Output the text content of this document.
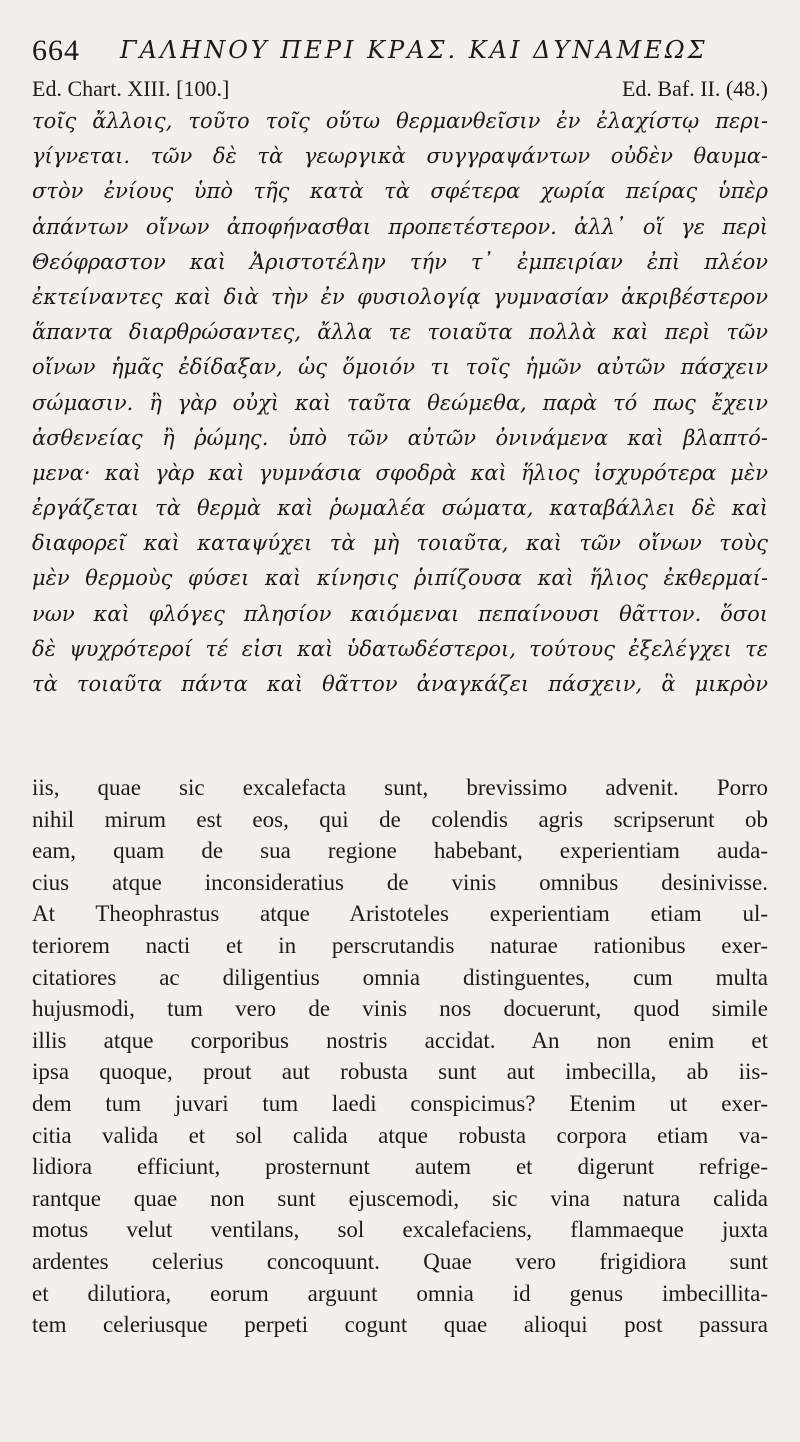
664 ΓΑΛΗΝΟΥ ΠΕΡΙ ΚΡΑΣ. ΚΑΙ ΔΥΝΑΜΕΩΣ
Ed. Chart. XIII. [100.]	Ed. Baf. II. (48.)
τοῖς ἄλλοις, τοῦτο τοῖς οὕτω θερμανθεῖσιν ἐν ἐλαχίστῳ περι-
γίγνεται. τῶν δὲ τὰ γεωργικὰ συγγραψάντων οὐδὲν θαυμα-
στὸν ἐνίους ὑπὸ τῆς κατὰ τὰ σφέτερα χωρία πείρας ὑπὲρ
ἁπάντων οἴνων ἀποφήνασθαι προπετέστερον. ἀλλ᾽ οἵ γε περὶ
Θεόφραστον καὶ Ἀριστοτέλην τήν τ᾽ ἐμπειρίαν ἐπὶ πλέον
ἐκτείναντες καὶ διὰ τὴν ἐν φυσιολογίᾳ γυμνασίαν ἀκριβέστερον
ἅπαντα διαρθρώσαντες, ἄλλα τε τοιαῦτα πολλὰ καὶ περὶ τῶν
οἴνων ἡμᾶς ἐδίδαξαν, ὡς ὅμοιόν τι τοῖς ἡμῶν αὐτῶν πάσχειν
σώμασιν. ἢ γὰρ οὐχὶ καὶ ταῦτα θεώμεθα, παρὰ τό πως ἔχειν
ἀσθενείας ἢ ῥώμης. ὑπὸ τῶν αὐτῶν ὀνινάμενα καὶ βλαπτό-
μενα· καὶ γὰρ καὶ γυμνάσια σφοδρὰ καὶ ἥλιος ἰσχυρότερα μὲν
ἐργάζεται τὰ θερμὰ καὶ ῥωμαλέα σώματα, καταβάλλει δὲ καὶ
διαφορεῖ καὶ καταψύχει τὰ μὴ τοιαῦτα, καὶ τῶν οἴνων τοὺς
μὲν θερμοὺς φύσει καὶ κίνησις ῥιπίζουσα καὶ ἥλιος ἐκθερμαί-
νων καὶ φλόγες πλησίον καιόμεναι πεπαίνουσι θᾶττον. ὅσοι
δὲ ψυχρότεροί τέ εἰσι καὶ ὑδατωδέστεροι, τούτους ἐξελέγχει τε
τὰ τοιαῦτα πάντα καὶ θᾶττον ἀναγκάζει πάσχειν, ἃ μικρὸν
iis, quae sic excalefacta sunt, brevissimo advenit. Porro
nihil mirum est eos, qui de colendis agris scripserunt ob
eam, quam de sua regione habebant, experientiam auda-
cius atque inconsideratius de vinis omnibus desinivisse.
At Theophrastus atque Aristoteles experientiam etiam ul-
teriorem nacti et in perscrutandis naturae rationibus exer-
citatiores ac diligentius omnia distinguentes, cum multa
hujusmodi, tum vero de vinis nos docuerunt, quod simile
illis atque corporibus nostris accidat. An non enim et
ipsa quoque, prout aut robusta sunt aut imbecilla, ab iis-
dem tum juvari tum laedi conspicimus? Etenim ut exer-
citia valida et sol calida atque robusta corpora etiam va-
lidiora efficiunt, prosternunt autem et digerunt refrige-
rantque quae non sunt ejuscemodi, sic vina natura calida
motus velut ventilans, sol excalefaciens, flammaeque juxta
ardentes celerius concoquunt. Quae vero frigidiora sunt
et dilutiora, eorum arguunt omnia id genus imbecillita-
tem celeriusque perpeti cogunt quae alioqui post passura
